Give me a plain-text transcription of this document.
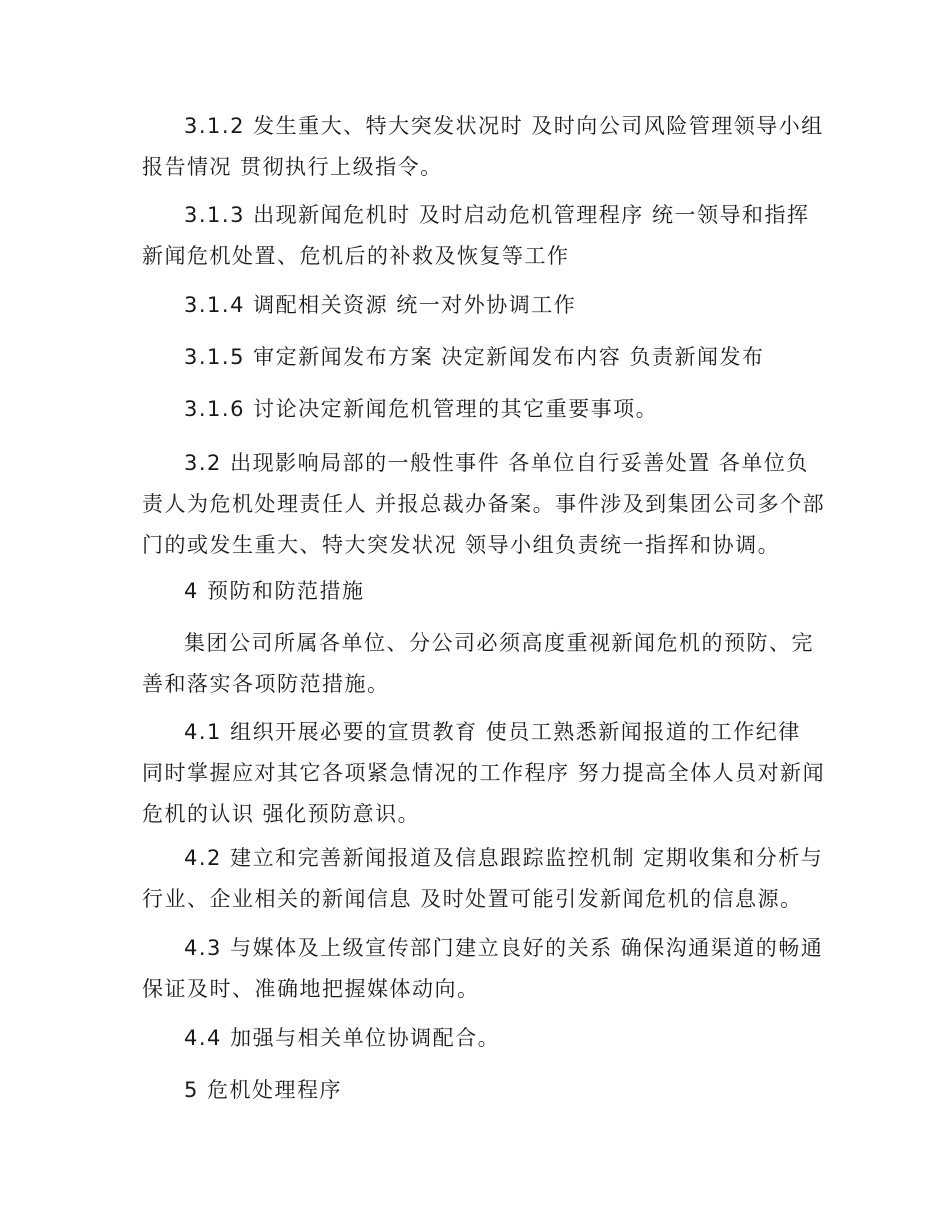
3.1.2 发生重大、特大突发状况时 及时向公司风险管理领导小组
报告情况 贯彻执行上级指令。

3.1.3 出现新闻危机时 及时启动危机管理程序 统一领导和指挥
新闻危机处置、危机后的补救及恢复等工作

3.1.4 调配相关资源 统一对外协调工作

3.1.5 审定新闻发布方案 决定新闻发布内容 负责新闻发布

3.1.6 讨论决定新闻危机管理的其它重要事项。

3.2 出现影响局部的一般性事件 各单位自行妥善处置 各单位负
责人为危机处理责任人 并报总裁办备案。事件涉及到集团公司多个部
门的或发生重大、特大突发状况 领导小组负责统一指挥和协调。

4 预防和防范措施

集团公司所属各单位、分公司必须高度重视新闻危机的预防、完
善和落实各项防范措施。

4.1 组织开展必要的宣贯教育 使员工熟悉新闻报道的工作纪律
同时掌握应对其它各项紧急情况的工作程序 努力提高全体人员对新闻
危机的认识 强化预防意识。

4.2 建立和完善新闻报道及信息跟踪监控机制 定期收集和分析与
行业、企业相关的新闻信息 及时处置可能引发新闻危机的信息源。

4.3 与媒体及上级宣传部门建立良好的关系 确保沟通渠道的畅通
保证及时、准确地把握媒体动向。

4.4 加强与相关单位协调配合。

5 危机处理程序
